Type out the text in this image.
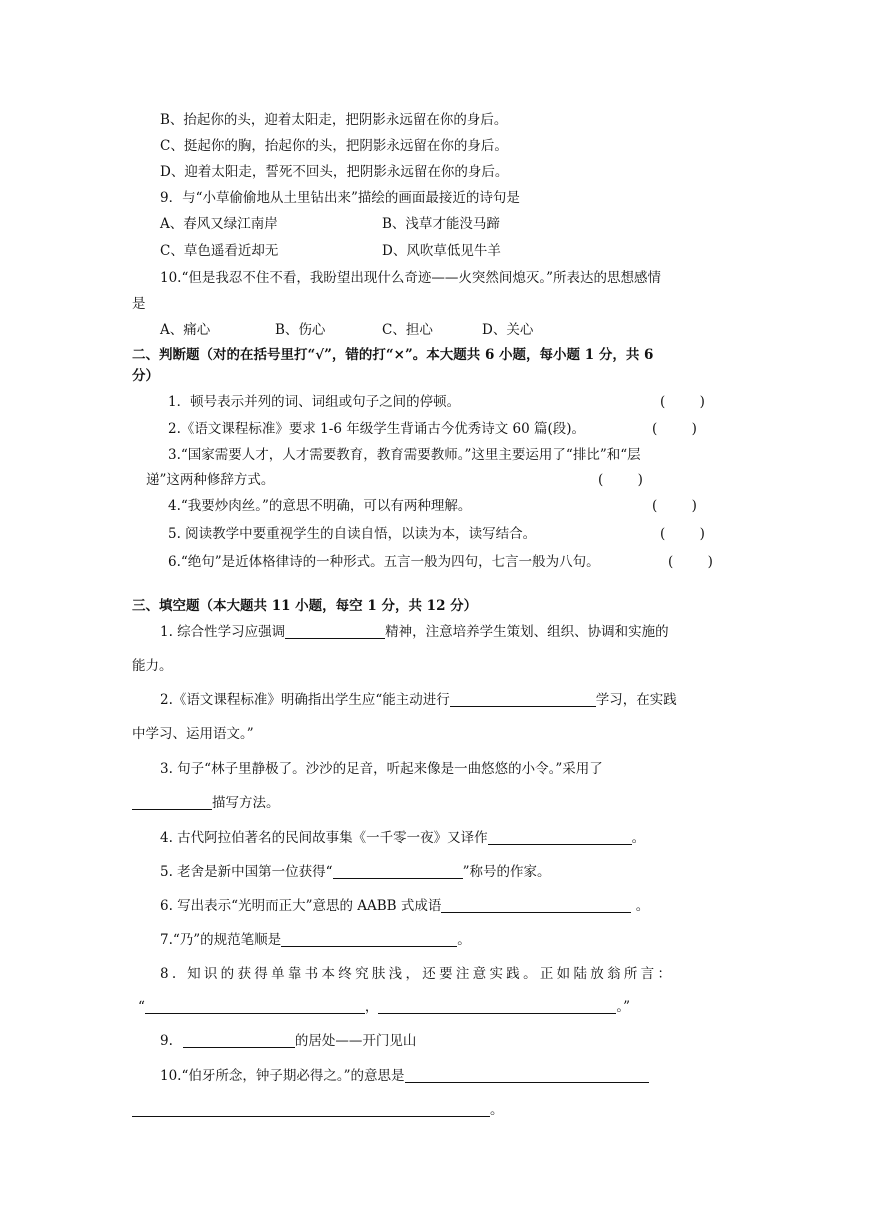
B、抬起你的头，迎着太阳走，把阴影永远留在你的身后。
C、挺起你的胸，抬起你的头，把阴影永远留在你的身后。
D、迎着太阳走，誓死不回头，把阴影永远留在你的身后。
9．与“小草偷偷地从土里钻出来”描绘的画面最接近的诗句是
A、春风又绿江南岸	B、浅草才能没马蹄
C、草色遥看近却无	D、风吹草低见牛羊
10.“但是我忍不住不看，我盼望出现什么奇迹——火突然间熄灭。”所表达的思想感情
是
A、痛心	B、伤心	C、担心	D、关心
二、判断题（对的在括号里打“√”，错的打“×”。本大题共 6 小题，每小题 1 分，共 6
分）
1．顿号表示并列的词、词组或句子之间的停顿。	(        )
2.《语文课程标准》要求 1-6 年级学生背诵古今优秀诗文 60 篇(段)。	(        )
3.“国家需要人才，人才需要教育，教育需要教师。”这里主要运用了“排比”和“层
递”这两种修辞方式。	(        )
4.“我要炒肉丝。”的意思不明确，可以有两种理解。	(        )
5. 阅读教学中要重视学生的自读自悟，以读为本，读写结合。	(        )
6.“绝句”是近体格律诗的一种形式。五言一般为四句，七言一般为八句。	(        )
三、填空题（本大题共 11 小题，每空 1 分，共 12 分）
1. 综合性学习应强调	精神，注意培养学生策划、组织、协调和实施的
能力。
2.《语文课程标准》明确指出学生应“能主动进行	学习，在实践
中学习、运用语文。”
3. 句子“林子里静极了。沙沙的足音，听起来像是一曲悠悠的小令。”采用了
描写方法。
4. 古代阿拉伯著名的民间故事集《一千零一夜》又译作	。
5. 老舍是新中国第一位获得“	”称号的作家。
6. 写出表示“光明而正大”意思的 AABB 式成语	。
7.“乃”的规范笔顺是	。
8. 知识的获得单靠书本终究肤浅，还要注意实践。正如陆放翁所言：
“	，	。”
9.	的居处——开门见山
10.“伯牙所念，钟子期必得之。”的意思是
。
